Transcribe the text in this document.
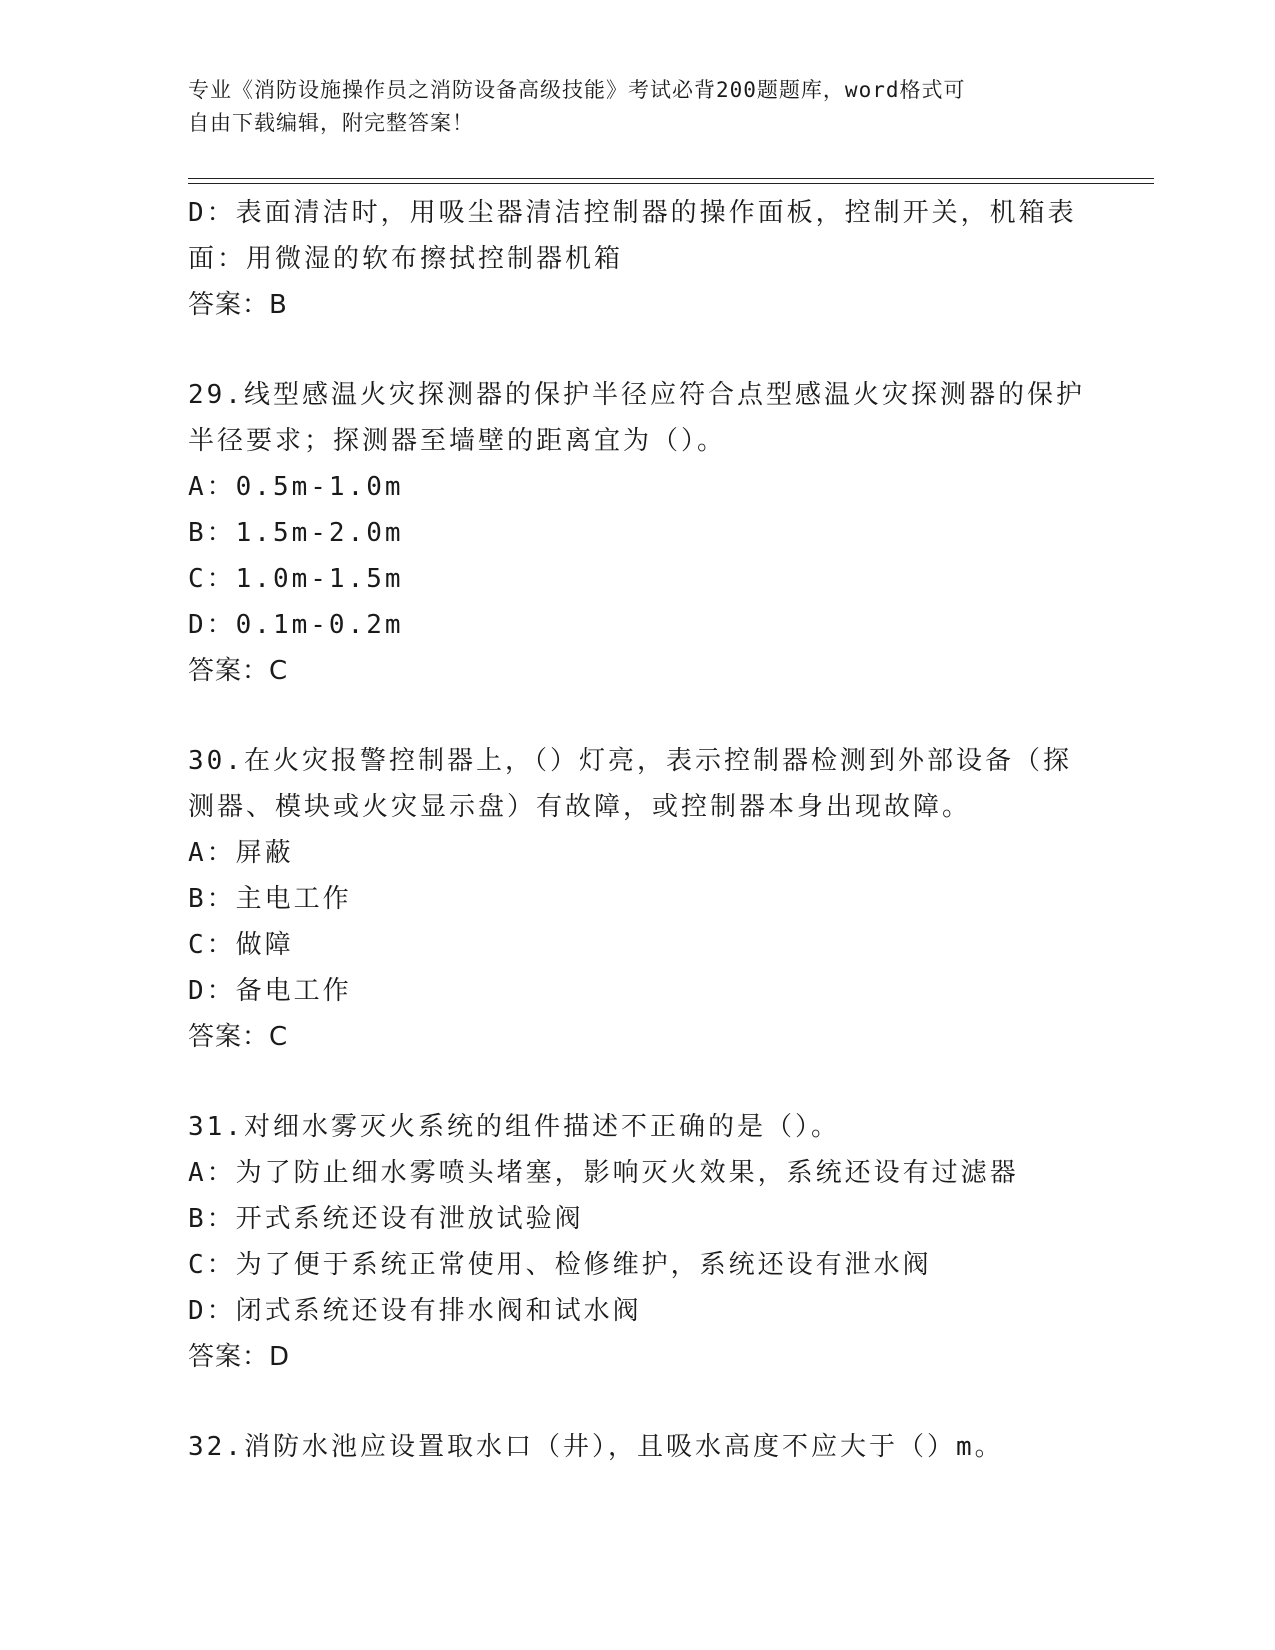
专业《消防设施操作员之消防设备高级技能》考试必背200题题库，word格式可
自由下载编辑，附完整答案！
D：表面清洁时，用吸尘器清洁控制器的操作面板，控制开关，机箱表
面：用微湿的软布擦拭控制器机箱
答案：B
29.线型感温火灾探测器的保护半径应符合点型感温火灾探测器的保护
半径要求；探测器至墙壁的距离宜为（）。
A：0.5m-1.0m
B：1.5m-2.0m
C：1.0m-1.5m
D：0.1m-0.2m
答案：C
30.在火灾报警控制器上，（）灯亮，表示控制器检测到外部设备（探
测器、模块或火灾显示盘）有故障，或控制器本身出现故障。
A：屏蔽
B：主电工作
C：做障
D：备电工作
答案：C
31.对细水雾灭火系统的组件描述不正确的是（）。
A：为了防止细水雾喷头堵塞，影响灭火效果，系统还设有过滤器
B：开式系统还设有泄放试验阀
C：为了便于系统正常使用、检修维护，系统还设有泄水阀
D：闭式系统还设有排水阀和试水阀
答案：D
32.消防水池应设置取水口（井），且吸水高度不应大于（）m。
